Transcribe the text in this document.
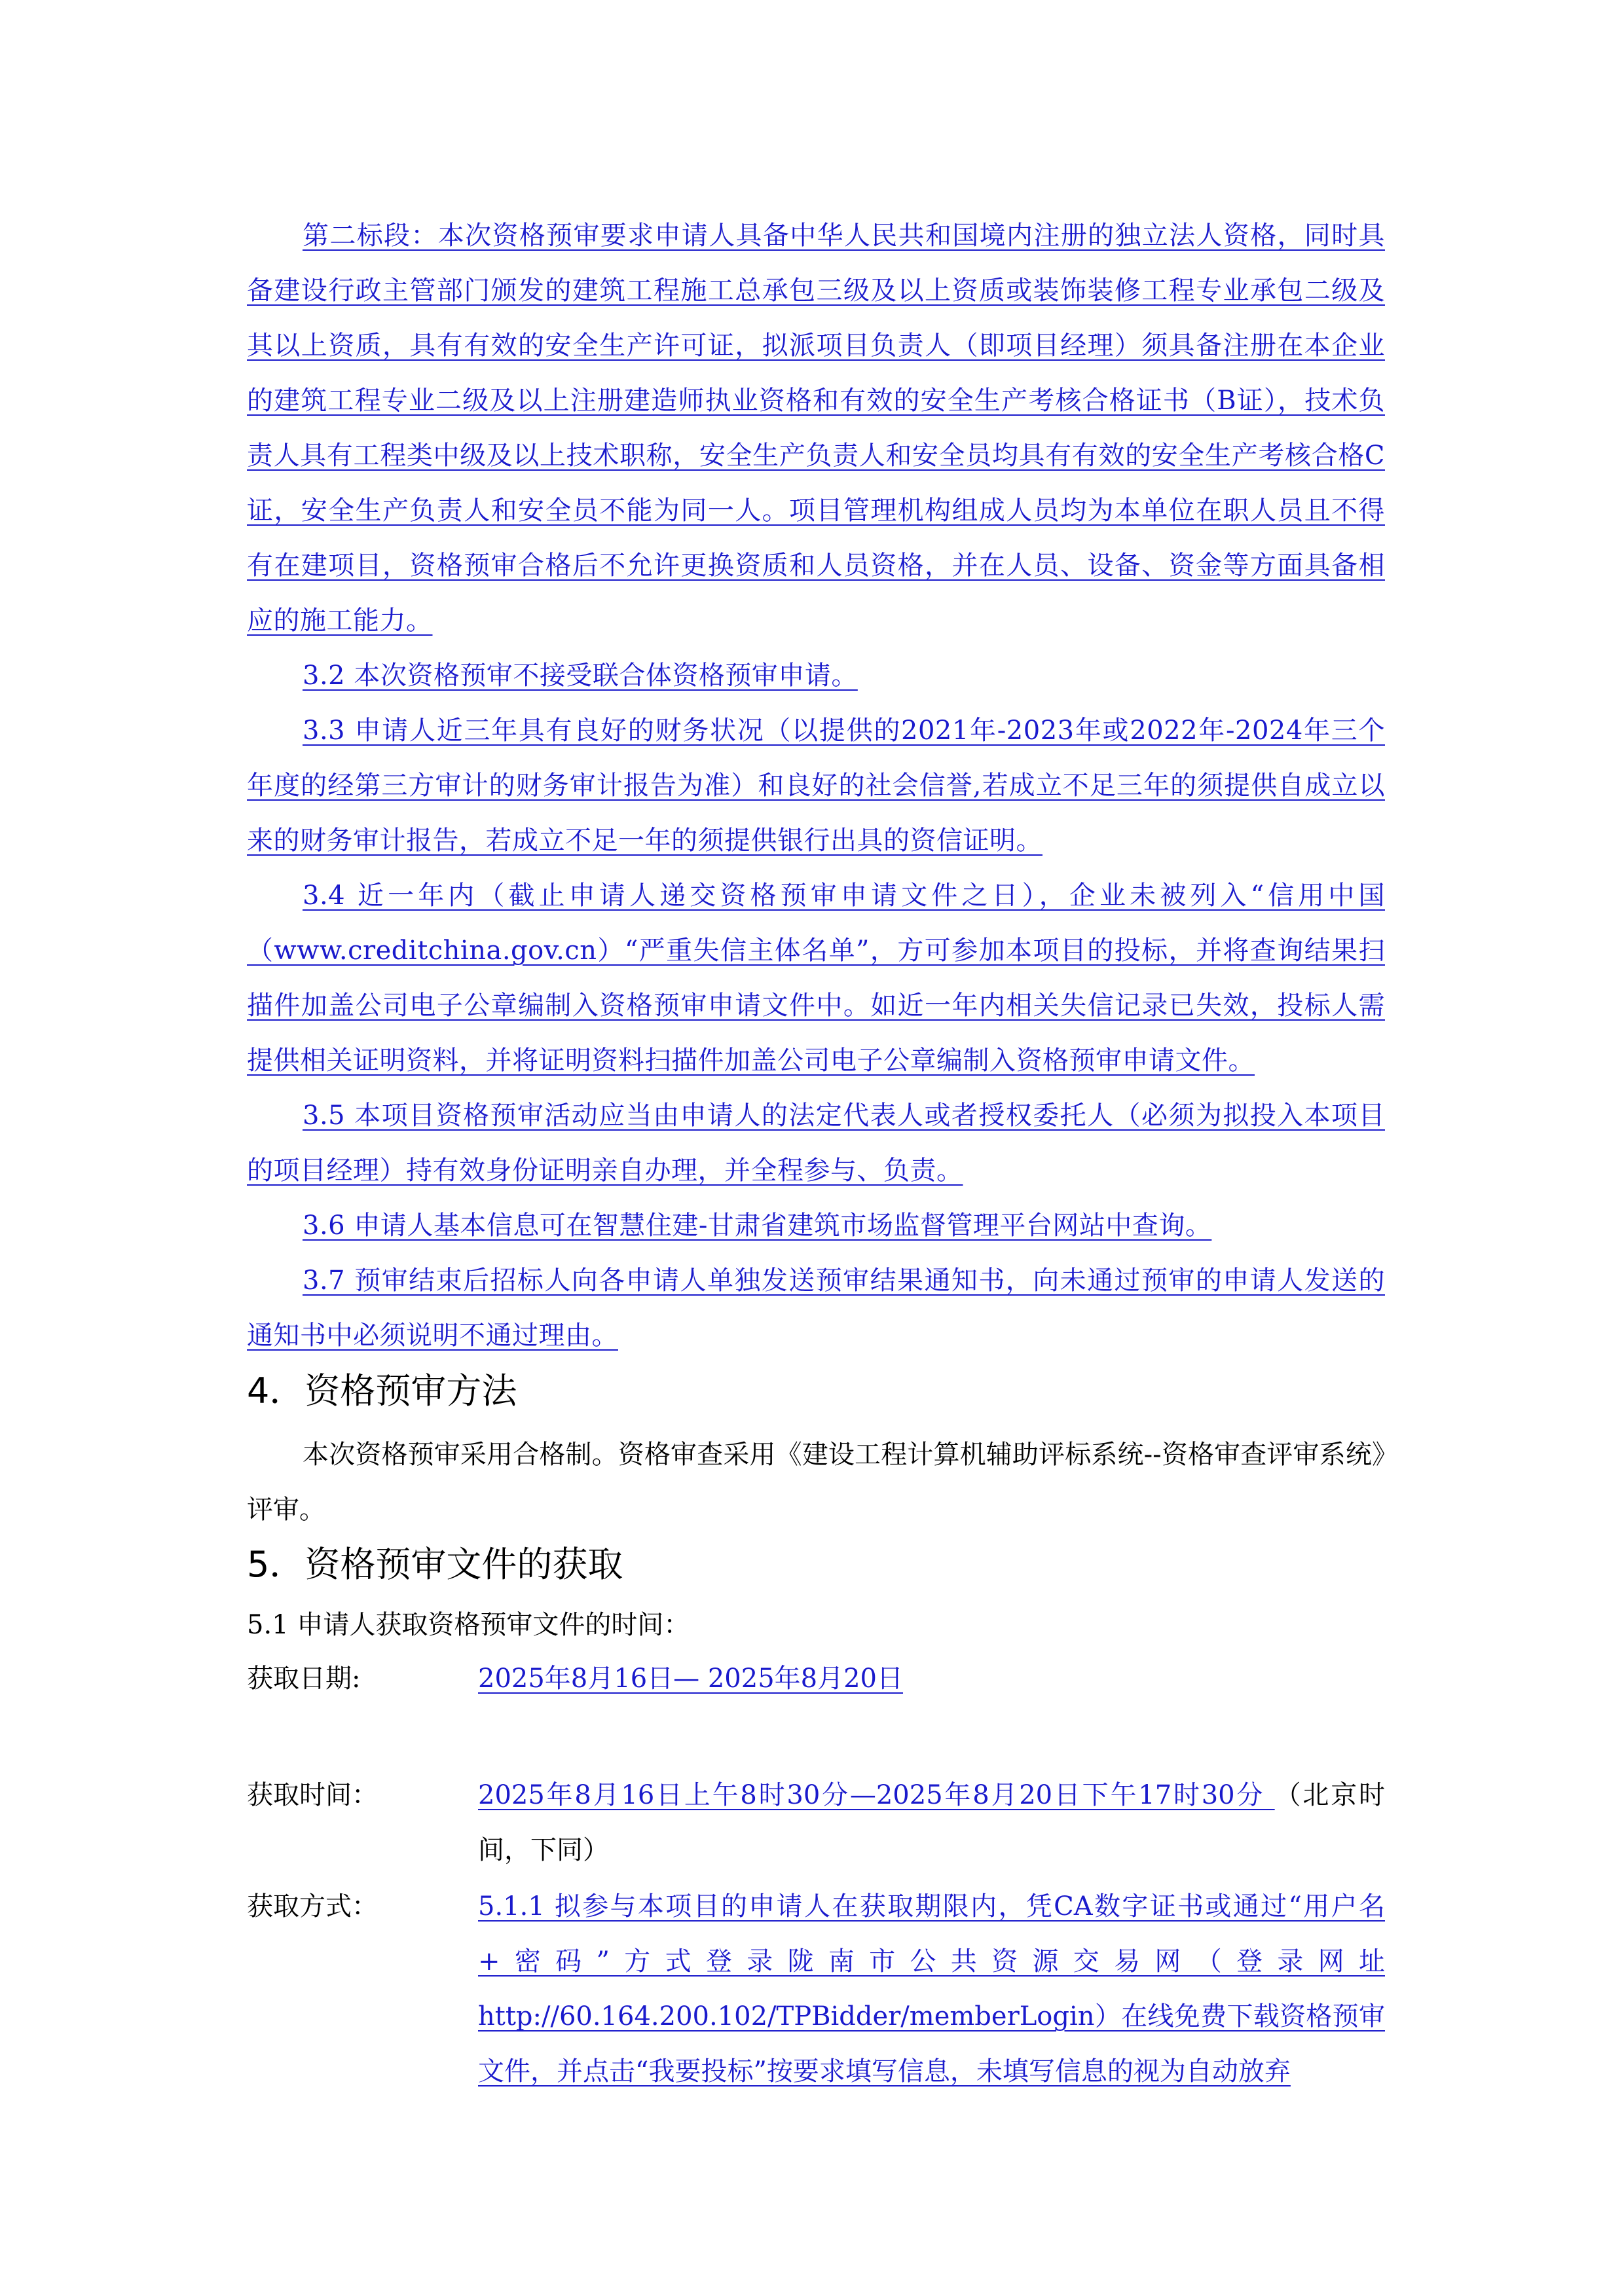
第二标段：本次资格预审要求申请人具备中华人民共和国境内注册的独立法人资格，同时具备建设行政主管部门颁发的建筑工程施工总承包三级及以上资质或装饰装修工程专业承包二级及其以上资质，具有有效的安全生产许可证，拟派项目负责人（即项目经理）须具备注册在本企业的建筑工程专业二级及以上注册建造师执业资格和有效的安全生产考核合格证书（B证），技术负责人具有工程类中级及以上技术职称，安全生产负责人和安全员均具有有效的安全生产考核合格C证，安全生产负责人和安全员不能为同一人。项目管理机构组成人员均为本单位在职人员且不得有在建项目，资格预审合格后不允许更换资质和人员资格，并在人员、设备、资金等方面具备相应的施工能力。

3.2 本次资格预审不接受联合体资格预审申请。

3.3 申请人近三年具有良好的财务状况（以提供的2021年-2023年或2022年-2024年三个年度的经第三方审计的财务审计报告为准）和良好的社会信誉,若成立不足三年的须提供自成立以来的财务审计报告，若成立不足一年的须提供银行出具的资信证明。

3.4 近一年内（截止申请人递交资格预审申请文件之日），企业未被列入“信用中国（www.creditchina.gov.cn）“严重失信主体名单”，方可参加本项目的投标，并将查询结果扫描件加盖公司电子公章编制入资格预审申请文件中。如近一年内相关失信记录已失效，投标人需提供相关证明资料，并将证明资料扫描件加盖公司电子公章编制入资格预审申请文件。

3.5 本项目资格预审活动应当由申请人的法定代表人或者授权委托人（必须为拟投入本项目的项目经理）持有效身份证明亲自办理，并全程参与、负责。

3.6 申请人基本信息可在智慧住建-甘肃省建筑市场监督管理平台网站中查询。

3.7 预审结束后招标人向各申请人单独发送预审结果通知书，向未通过预审的申请人发送的通知书中必须说明不通过理由。

4．资格预审方法

本次资格预审采用合格制。资格审查采用《建设工程计算机辅助评标系统--资格审查评审系统》评审。

5．资格预审文件的获取
5.1 申请人获取资格预审文件的时间：
获取日期:	2025年8月16日— 2025年8月20日
获取时间：	2025年8月16日上午8时30分—2025年8月20日下午17时30分 （北京时间，下同）
获取方式：	5.1.1 拟参与本项目的申请人在获取期限内，凭CA数字证书或通过“用户名+密码”方式登录陇南市公共资源交易网（登录网址http://60.164.200.102/TPBidder/memberLogin）在线免费下载资格预审文件，并点击“我要投标”按要求填写信息，未填写信息的视为自动放弃
